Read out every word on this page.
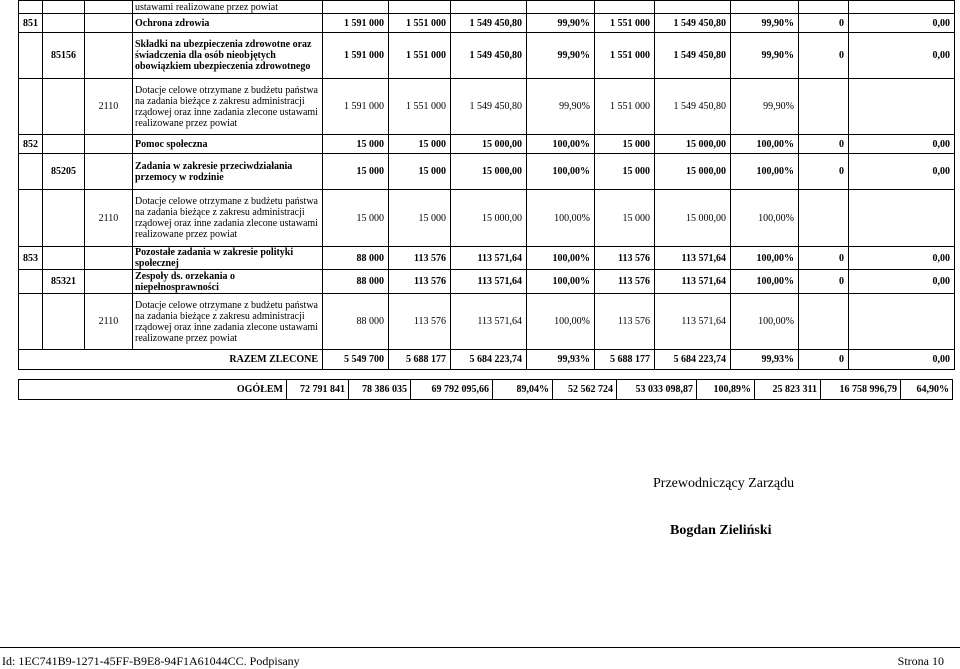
			ustawami realizowane przez powiat									
851			Ochrona zdrowia	1 591 000	1 551 000	1 549 450,80	99,90%	1 551 000	1 549 450,80	99,90%	0	0,00
	85156		Składki na ubezpieczenia zdrowotne oraz świadczenia dla osób nieobjętych obowiązkiem ubezpieczenia zdrowotnego	1 591 000	1 551 000	1 549 450,80	99,90%	1 551 000	1 549 450,80	99,90%	0	0,00
		2110	Dotacje celowe otrzymane z budżetu państwa na zadania bieżące z zakresu administracji rządowej oraz inne zadania zlecone ustawami realizowane przez powiat	1 591 000	1 551 000	1 549 450,80	99,90%	1 551 000	1 549 450,80	99,90%		
852			Pomoc społeczna	15 000	15 000	15 000,00	100,00%	15 000	15 000,00	100,00%	0	0,00
	85205		Zadania w zakresie przeciwdziałania przemocy w rodzinie	15 000	15 000	15 000,00	100,00%	15 000	15 000,00	100,00%	0	0,00
		2110	Dotacje celowe otrzymane z budżetu państwa na zadania bieżące z zakresu administracji rządowej oraz inne zadania zlecone ustawami realizowane przez powiat	15 000	15 000	15 000,00	100,00%	15 000	15 000,00	100,00%		
853			Pozostałe zadania w zakresie polityki społecznej	88 000	113 576	113 571,64	100,00%	113 576	113 571,64	100,00%	0	0,00
	85321		Zespoły ds. orzekania o niepełnosprawności	88 000	113 576	113 571,64	100,00%	113 576	113 571,64	100,00%	0	0,00
		2110	Dotacje celowe otrzymane z budżetu państwa na zadania bieżące z zakresu administracji rządowej oraz inne zadania zlecone ustawami realizowane przez powiat	88 000	113 576	113 571,64	100,00%	113 576	113 571,64	100,00%		
RAZEM ZLECONE				5 549 700	5 688 177	5 684 223,74	99,93%	5 688 177	5 684 223,74	99,93%	0	0,00
OGÓŁEM	72 791 841	78 386 035	69 792 095,66	89,04%	52 562 724	53 033 098,87	100,89%	25 823 311	16 758 996,79	64,90%
Przewodniczący Zarządu
Bogdan Zieliński
Id: 1EC741B9-1271-45FF-B9E8-94F1A61044CC. Podpisany	Strona 10
